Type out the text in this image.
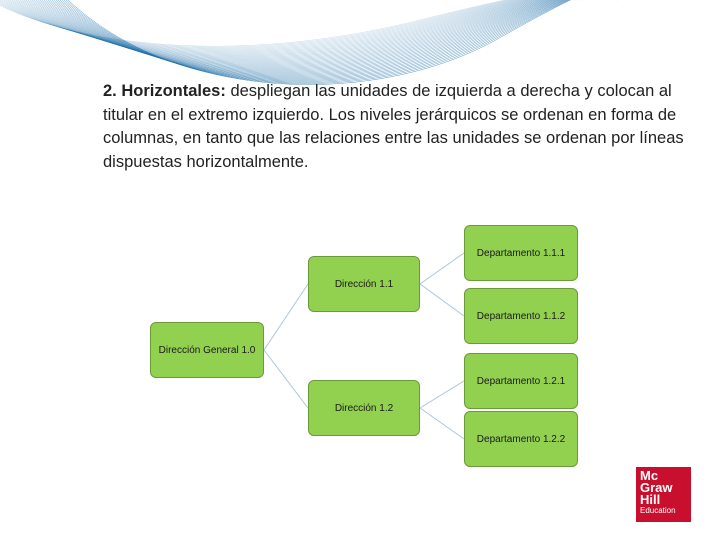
2. Horizontales: despliegan las unidades de izquierda a derecha y colocan al titular en el extremo izquierdo. Los niveles jerárquicos se ordenan en forma de columnas, en tanto que las relaciones entre las unidades se ordenan por líneas dispuestas horizontalmente.
Dirección General 1.0
Dirección 1.1
Dirección 1.2
Departamento 1.1.1
Departamento 1.1.2
Departamento 1.2.1
Departamento 1.2.2
Mc
Graw
Hill
Education
